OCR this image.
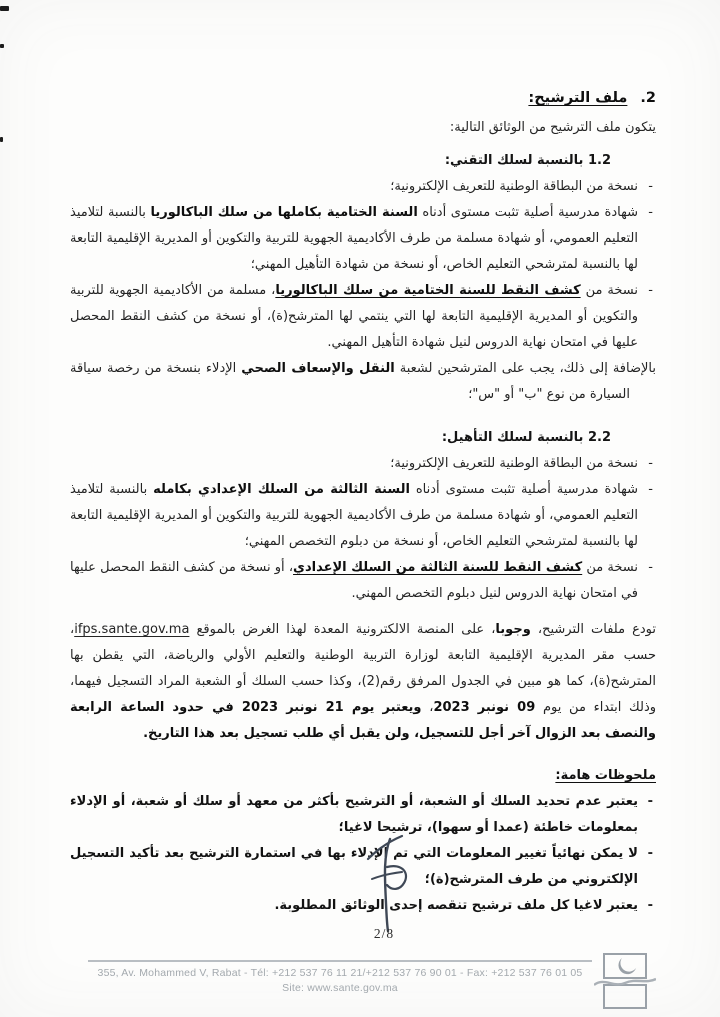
2.ملف الترشيح:

يتكون ملف الترشيح من الوثائق التالية:

1.2 بالنسبة لسلك التقني:
- نسخة من البطاقة الوطنية للتعريف الإلكترونية؛
- شهادة مدرسية أصلية تثبت مستوى أدناه السنة الختامية بكاملها من سلك الباكالوريا بالنسبة لتلاميذ التعليم العمومي، أو شهادة مسلمة من طرف الأكاديمية الجهوية للتربية والتكوين أو المديرية الإقليمية التابعة لها بالنسبة لمترشحي التعليم الخاص، أو نسخة من شهادة التأهيل المهني؛
- نسخة من كشف النقط للسنة الختامية من سلك الباكالوريا، مسلمة من الأكاديمية الجهوية للتربية والتكوين أو المديرية الإقليمية التابعة لها التي ينتمي لها المترشح(ة)، أو نسخة من كشف النقط المحصل عليها في امتحان نهاية الدروس لنيل شهادة التأهيل المهني.

بالإضافة إلى ذلك، يجب على المترشحين لشعبة النقل والإسعاف الصحي الإدلاء بنسخة من رخصة سياقة السيارة من نوع "ب" أو "س"؛

2.2 بالنسبة لسلك التأهيل:
- نسخة من البطاقة الوطنية للتعريف الإلكترونية؛
- شهادة مدرسية أصلية تثبت مستوى أدناه السنة الثالثة من السلك الإعدادي بكامله بالنسبة لتلاميذ التعليم العمومي، أو شهادة مسلمة من طرف الأكاديمية الجهوية للتربية والتكوين أو المديرية الإقليمية التابعة لها بالنسبة لمترشحي التعليم الخاص، أو نسخة من دبلوم التخصص المهني؛
- نسخة من كشف النقط للسنة الثالثة من السلك الإعدادي، أو نسخة من كشف النقط المحصل عليها في امتحان نهاية الدروس لنيل دبلوم التخصص المهني.

تودع ملفات الترشيح، وجوبا، على المنصة الالكترونية المعدة لهذا الغرض بالموقع ifps.sante.gov.ma، حسب مقر المديرية الإقليمية التابعة لوزارة التربية الوطنية والتعليم الأولي والرياضة، التي يقطن بها المترشح(ة)، كما هو مبين في الجدول المرفق رقم(2)، وكذا حسب السلك أو الشعبة المراد التسجيل فيهما، وذلك ابتداء من يوم 09 نونبر 2023، ويعتبر يوم 21 نونبر 2023 في حدود الساعة الرابعة والنصف بعد الزوال آخر أجل للتسجيل، ولن يقبل أي طلب تسجيل بعد هذا التاريخ.

ملحوظات هامة:
- يعتبر عدم تحديد السلك أو الشعبة، أو الترشيح بأكثر من معهد أو سلك أو شعبة، أو الإدلاء بمعلومات خاطئة (عمدا أو سهوا)، ترشيحا لاغيا؛
- لا يمكن نهائياً تغيير المعلومات التي تم الإدلاء بها في استمارة الترشيح بعد تأكيد التسجيل الإلكتروني من طرف المترشح(ة)؛
- يعتبر لاغيا كل ملف ترشيح تنقصه إحدى الوثائق المطلوبة.
2/8
355, Av. Mohammed V, Rabat - Tél: +212 537 76 11 21/+212 537 76 90 01 - Fax: +212 537 76 01 05
Site: www.sante.gov.ma
